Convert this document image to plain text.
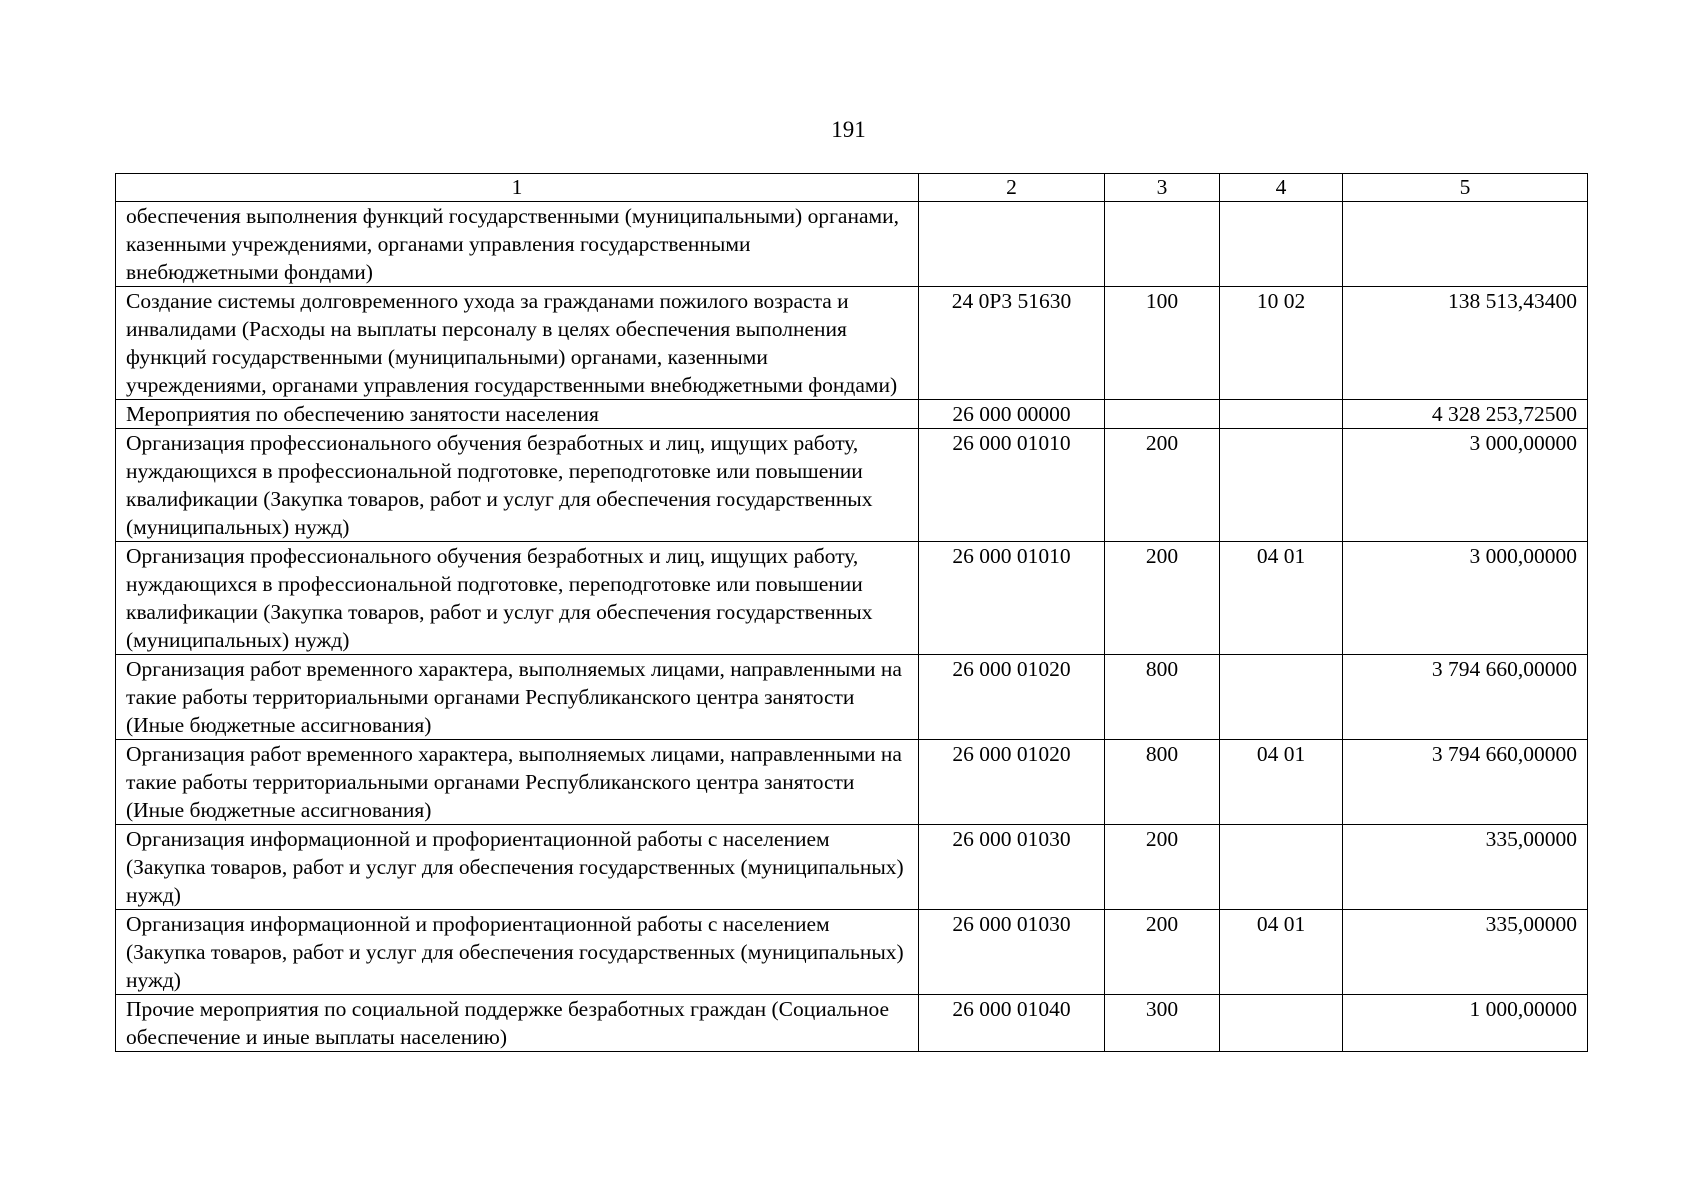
191
1	2	3	4	5
обеспечения выполнения функций государственными (муниципальными) органами, казенными учреждениями, органами управления государственными внебюджетными фондами)				
Создание системы долговременного ухода за гражданами пожилого возраста и инвалидами (Расходы на выплаты персоналу в целях обеспечения выполнения функций государственными (муниципальными) органами, казенными учреждениями, органами управления государственными внебюджетными фондами)	24 0P3 51630	100	10 02	138 513,43400
Мероприятия по обеспечению занятости населения	26 000 00000			4 328 253,72500
Организация профессионального обучения безработных и лиц, ищущих работу, нуждающихся в профессиональной подготовке, переподготовке или повышении квалификации (Закупка товаров, работ и услуг для обеспечения государственных (муниципальных) нужд)	26 000 01010	200		3 000,00000
Организация профессионального обучения безработных и лиц, ищущих работу, нуждающихся в профессиональной подготовке, переподготовке или повышении квалификации (Закупка товаров, работ и услуг для обеспечения государственных (муниципальных) нужд)	26 000 01010	200	04 01	3 000,00000
Организация работ временного характера, выполняемых лицами, направленными на такие работы территориальными органами Республиканского центра занятости (Иные бюджетные ассигнования)	26 000 01020	800		3 794 660,00000
Организация работ временного характера, выполняемых лицами, направленными на такие работы территориальными органами Республиканского центра занятости (Иные бюджетные ассигнования)	26 000 01020	800	04 01	3 794 660,00000
Организация информационной и профориентационной работы с населением (Закупка товаров, работ и услуг для обеспечения государственных (муниципальных) нужд)	26 000 01030	200		335,00000
Организация информационной и профориентационной работы с населением (Закупка товаров, работ и услуг для обеспечения государственных (муниципальных) нужд)	26 000 01030	200	04 01	335,00000
Прочие мероприятия по социальной поддержке безработных граждан (Социальное обеспечение и иные выплаты населению)	26 000 01040	300		1 000,00000
